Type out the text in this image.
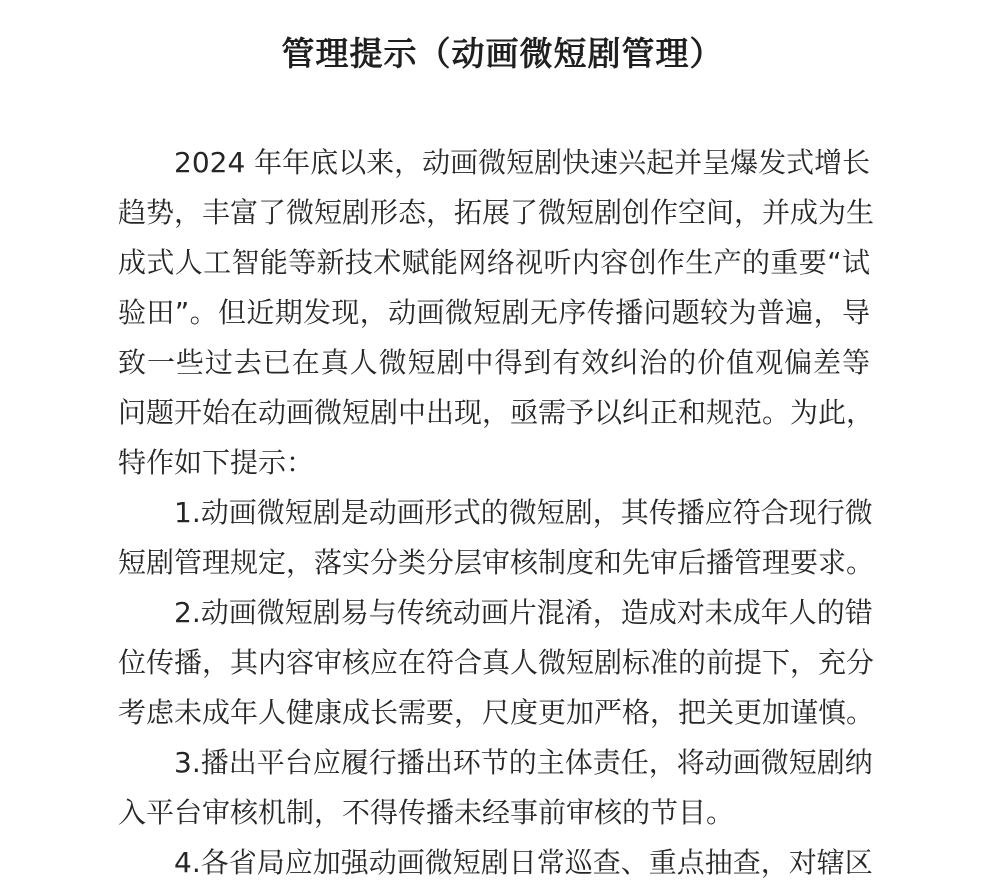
管理提示（动画微短剧管理）
2024 年年底以来，动画微短剧快速兴起并呈爆发式增长
趋势，丰富了微短剧形态，拓展了微短剧创作空间，并成为生
成式人工智能等新技术赋能网络视听内容创作生产的重要“试
验田”。但近期发现，动画微短剧无序传播问题较为普遍，导
致一些过去已在真人微短剧中得到有效纠治的价值观偏差等
问题开始在动画微短剧中出现，亟需予以纠正和规范。为此，
特作如下提示：
1.动画微短剧是动画形式的微短剧，其传播应符合现行微
短剧管理规定，落实分类分层审核制度和先审后播管理要求。
2.动画微短剧易与传统动画片混淆，造成对未成年人的错
位传播，其内容审核应在符合真人微短剧标准的前提下，充分
考虑未成年人健康成长需要，尺度更加严格，把关更加谨慎。
3.播出平台应履行播出环节的主体责任，将动画微短剧纳
入平台审核机制，不得传播未经事前审核的节目。
4.各省局应加强动画微短剧日常巡查、重点抽查，对辖区
